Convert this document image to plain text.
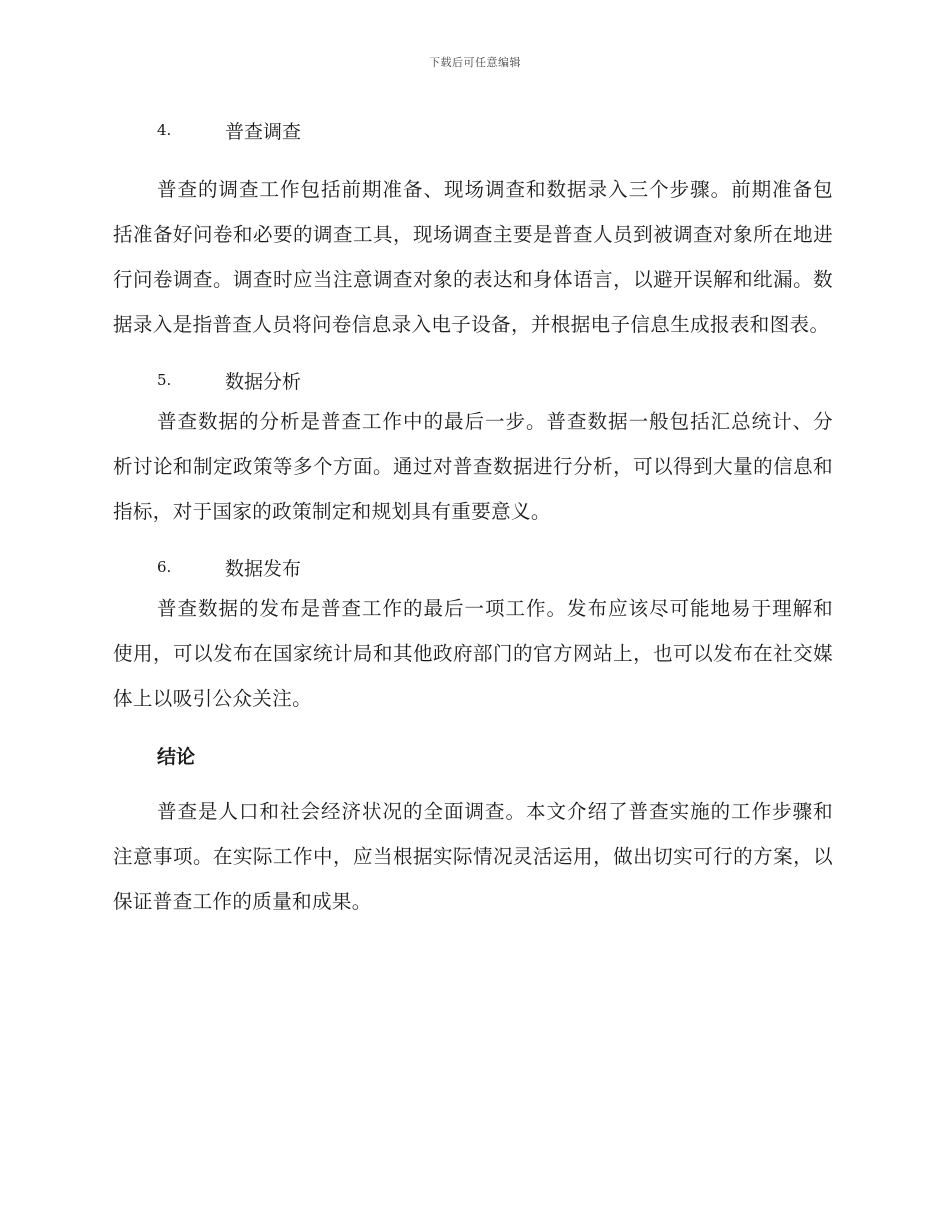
下载后可任意编辑
4.	普查调查

普查的调查工作包括前期准备、现场调查和数据录入三个步骤。前期准备包括准备好问卷和必要的调查工具，现场调查主要是普查人员到被调查对象所在地进行问卷调查。调查时应当注意调查对象的表达和身体语言，以避开误解和纰漏。数据录入是指普查人员将问卷信息录入电子设备，并根据电子信息生成报表和图表。

5.	数据分析

普查数据的分析是普查工作中的最后一步。普查数据一般包括汇总统计、分析讨论和制定政策等多个方面。通过对普查数据进行分析，可以得到大量的信息和指标，对于国家的政策制定和规划具有重要意义。

6.	数据发布

普查数据的发布是普查工作的最后一项工作。发布应该尽可能地易于理解和使用，可以发布在国家统计局和其他政府部门的官方网站上，也可以发布在社交媒体上以吸引公众关注。

结论

普查是人口和社会经济状况的全面调查。本文介绍了普查实施的工作步骤和注意事项。在实际工作中，应当根据实际情况灵活运用，做出切实可行的方案，以保证普查工作的质量和成果。
